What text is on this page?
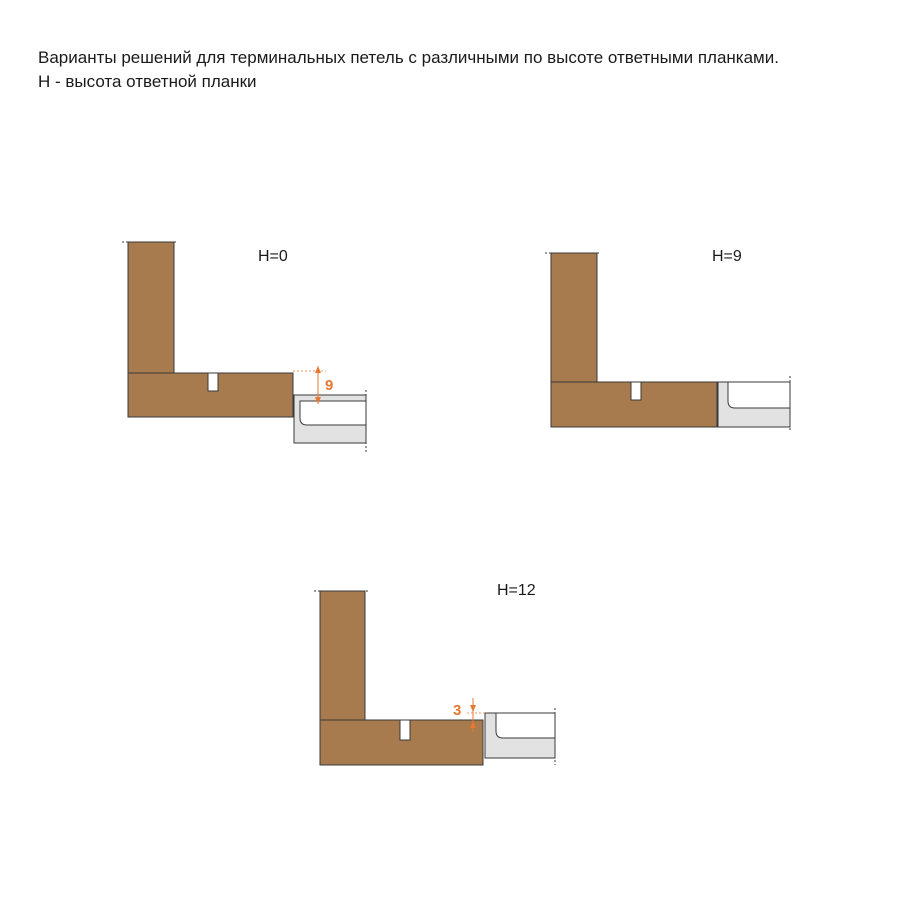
Варианты решений для терминальных петель с различными по высоте ответными планками.

H - высота ответной планки

H=0
9
H=9
H=12
3
